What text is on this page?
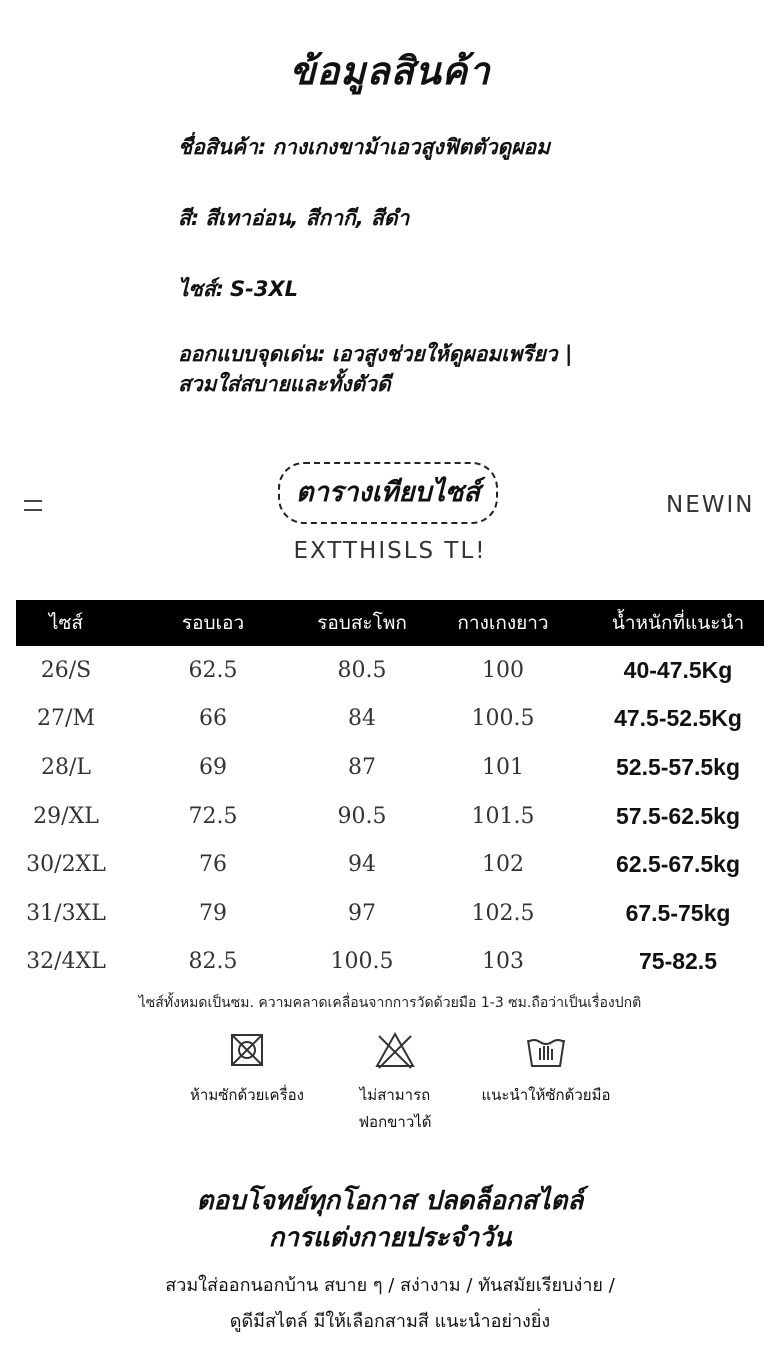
ข้อมูลสินค้า
ชื่อสินค้า: กางเกงขาม้าเอวสูงฟิตตัวดูผอม
สี: สีเทาอ่อน, สีกากี, สีดำ
ไซส์: S-3XL
ออกแบบจุดเด่น: เอวสูงช่วยให้ดูผอมเพรียว |
สวมใส่สบายและทั้งตัวดี
ตารางเทียบไซส์	NEWIN
EXTTHISLS TL!
ไซส์	รอบเอว	รอบสะโพก	กางเกงยาว	น้ำหนักที่แนะนำ
26/S	62.5	80.5	100	40-47.5Kg
27/M	66	84	100.5	47.5-52.5Kg
28/L	69	87	101	52.5-57.5kg
29/XL	72.5	90.5	101.5	57.5-62.5kg
30/2XL	76	94	102	62.5-67.5kg
31/3XL	79	97	102.5	67.5-75kg
32/4XL	82.5	100.5	103	75-82.5
ไซส์ทั้งหมดเป็นซม. ความคลาดเคลื่อนจากการวัดด้วยมือ 1-3 ซม.ถือว่าเป็นเรื่องปกติ
ห้ามซักด้วยเครื่อง	ไม่สามารถ
ฟอกขาวได้
แนะนำให้ซักด้วยมือ
ตอบโจทย์ทุกโอกาส ปลดล็อกสไตล์
การแต่งกายประจำวัน
สวมใส่ออกนอกบ้าน สบาย ๆ / สง่างาม / ทันสมัยเรียบง่าย /
ดูดีมีสไตล์ มีให้เลือกสามสี แนะนำอย่างยิ่ง
